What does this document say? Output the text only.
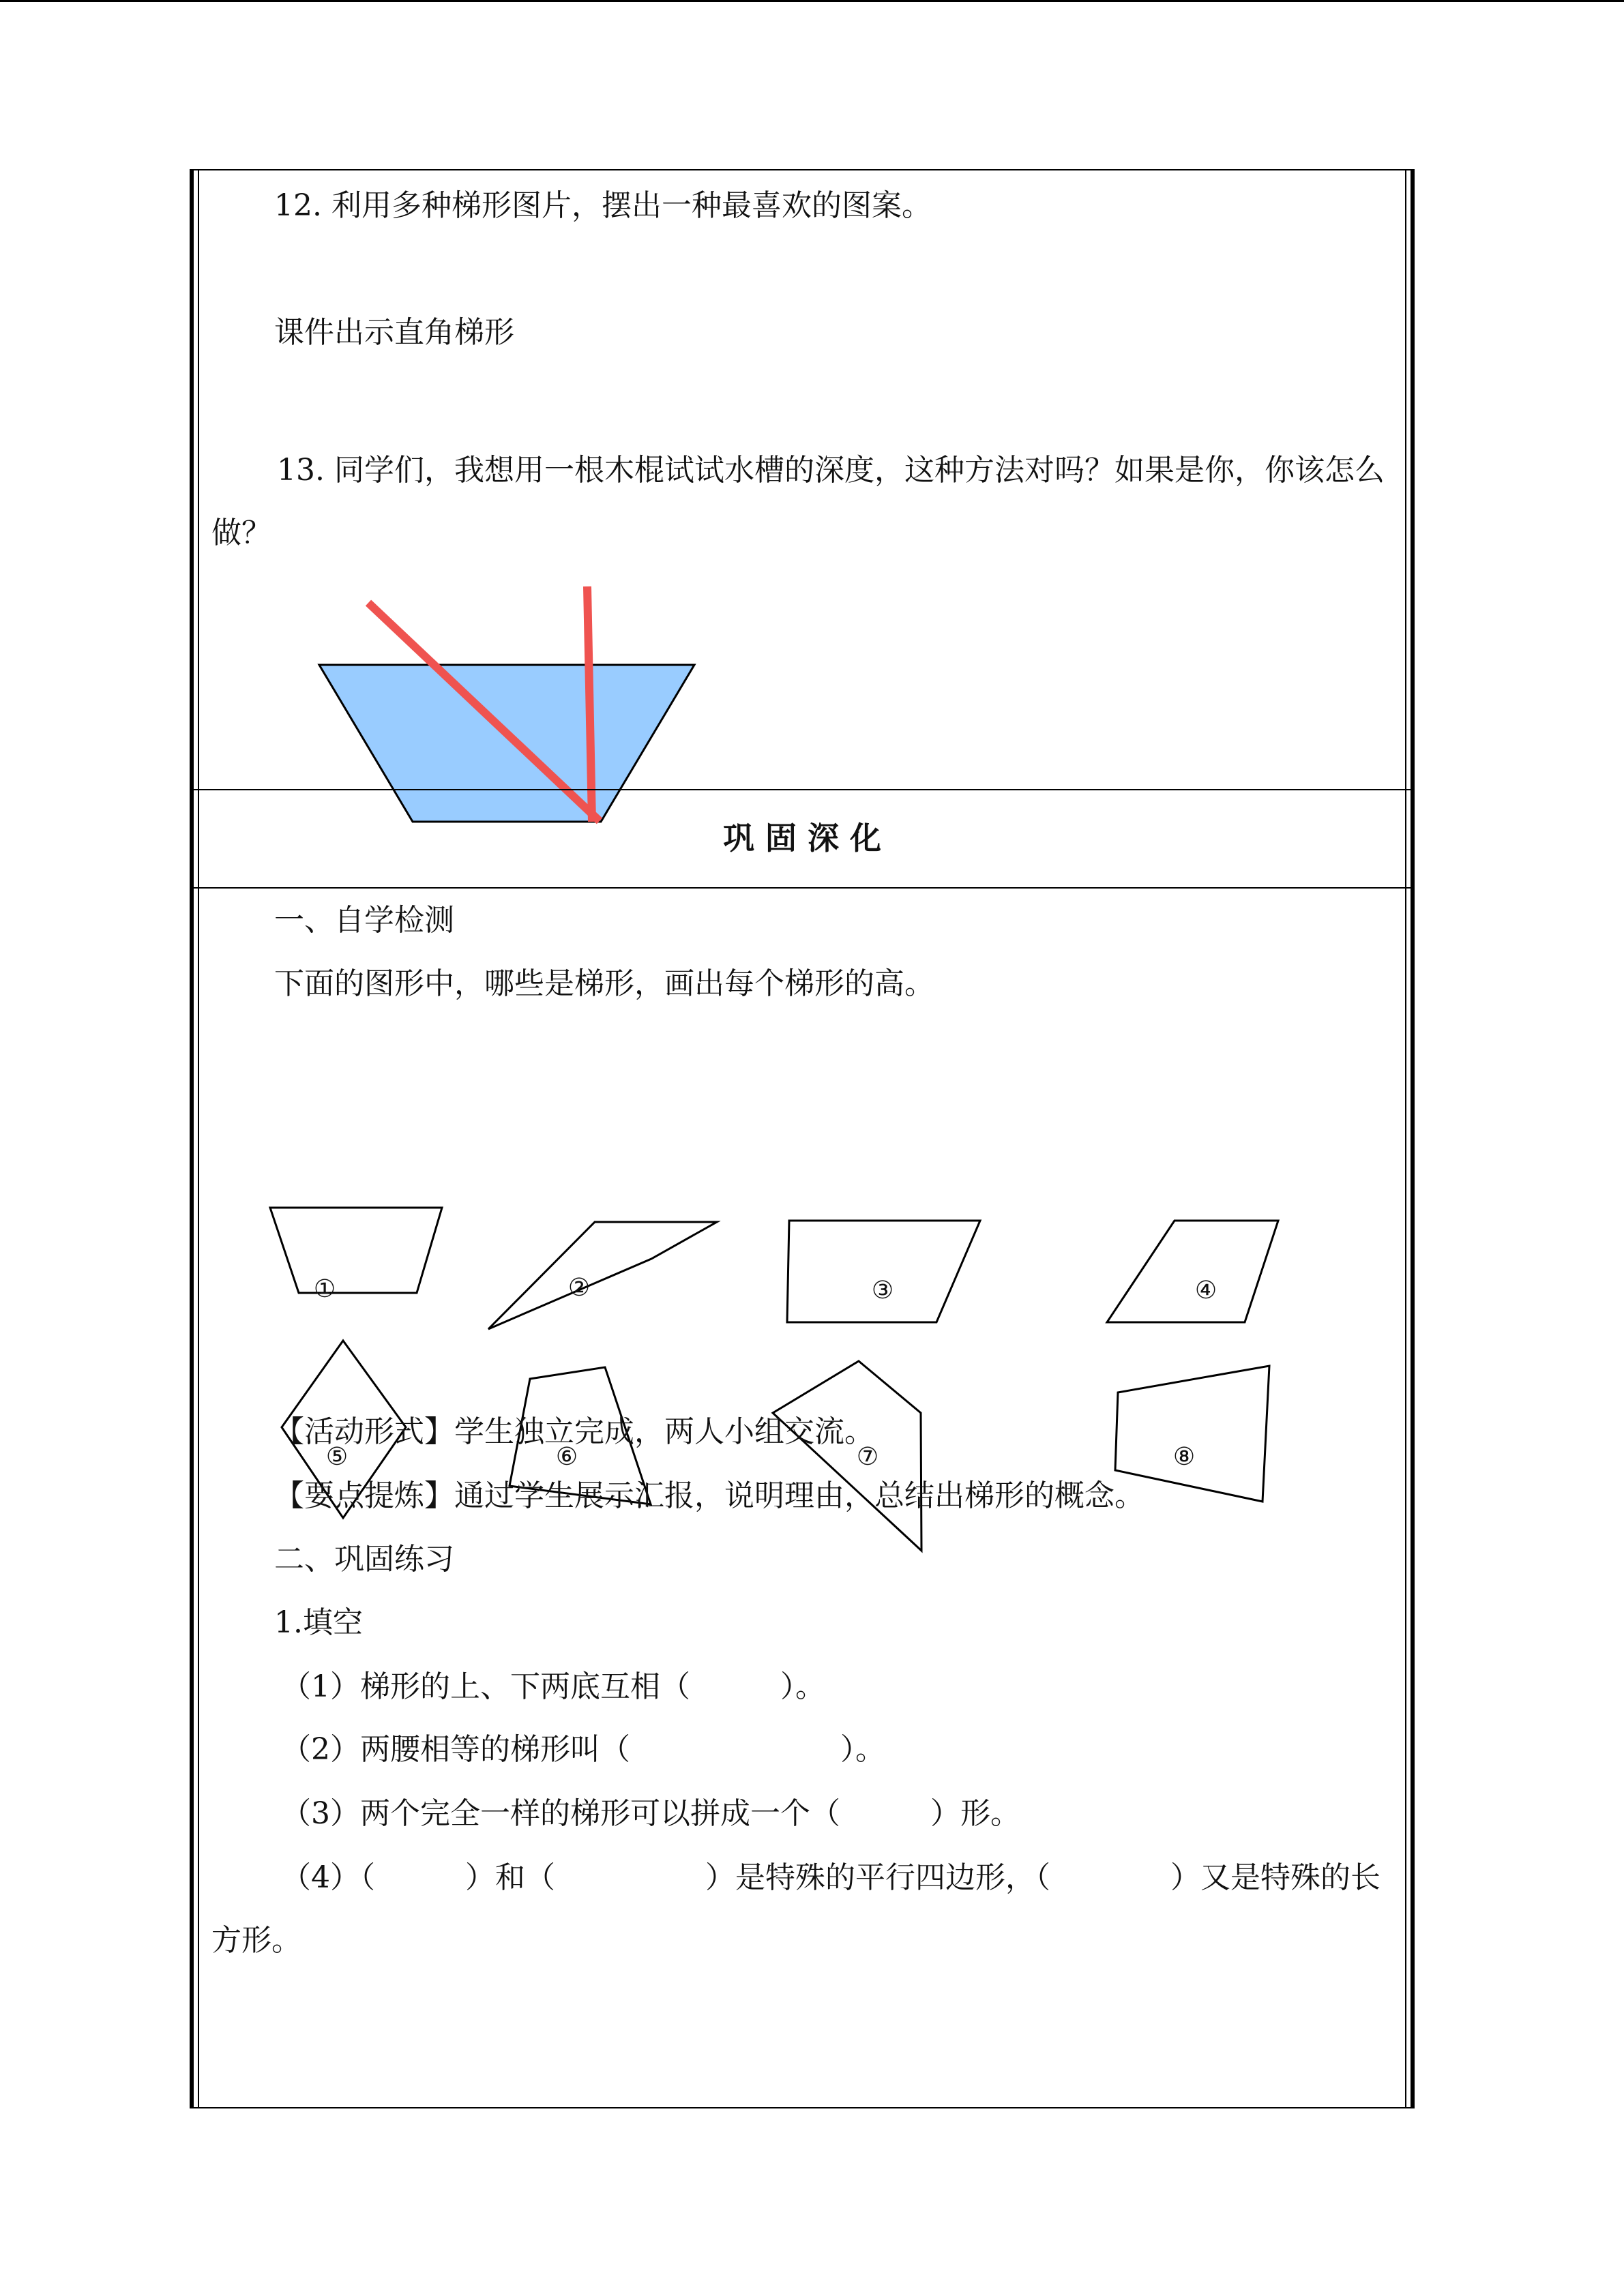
12. 利用多种梯形图片，摆出一种最喜欢的图案。
课件出示直角梯形
13. 同学们，我想用一根木棍试试水槽的深度，这种方法对吗？如果是你，你该怎么做？
巩 固 深 化
一、自学检测
下面的图形中，哪些是梯形，画出每个梯形的高。
①	②	③	④
⑤	⑥	⑦	⑧
【活动形式】学生独立完成，两人小组交流。
【要点提炼】通过学生展示汇报，说明理由，总结出梯形的概念。
二、巩固练习
1.填空
（1）梯形的上、下两底互相（　　　）。
（2）两腰相等的梯形叫（　　　　　　　）。
（3）两个完全一样的梯形可以拼成一个（　　　）形。
（4）（　　　）和（　　　　　）是特殊的平行四边形，（　　　　）又是特殊的长方形。
